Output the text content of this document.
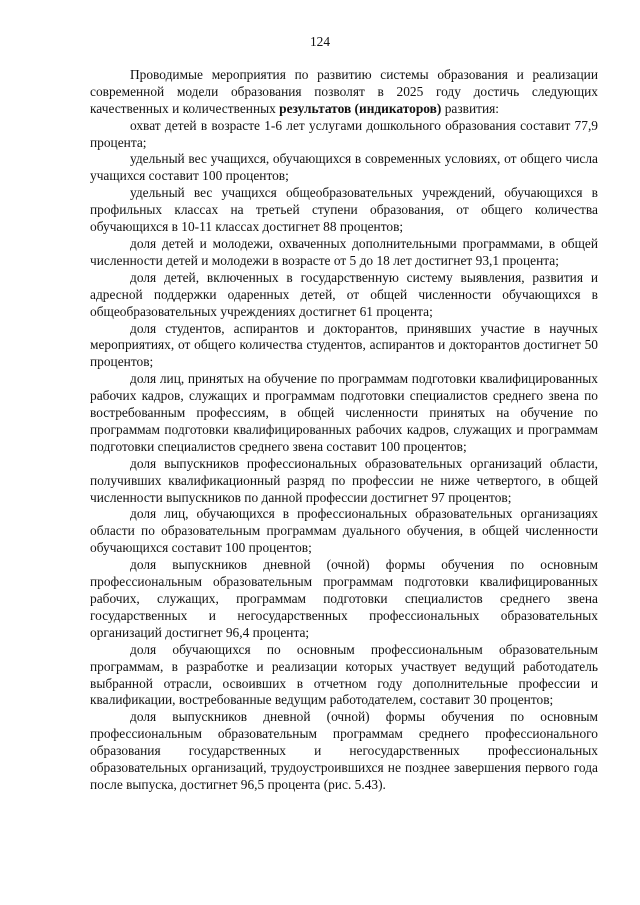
124

Проводимые мероприятия по развитию системы образования и реализации современной модели образования позволят в 2025 году достичь следующих качественных и количественных результатов (индикаторов) развития:

охват детей в возрасте 1-6 лет услугами дошкольного образования составит 77,9 процента;

удельный вес учащихся, обучающихся в современных условиях, от общего числа учащихся составит 100 процентов;

удельный вес учащихся общеобразовательных учреждений, обучающихся в профильных классах на третьей ступени образования, от общего количества обучающихся в 10-11 классах достигнет 88 процентов;

доля детей и молодежи, охваченных дополнительными программами, в общей численности детей и молодежи в возрасте от 5 до 18 лет достигнет 93,1 процента;

доля детей, включенных в государственную систему выявления, развития и адресной поддержки одаренных детей, от общей численности обучающихся в общеобразовательных учреждениях достигнет 61 процента;

доля студентов, аспирантов и докторантов, принявших участие в научных мероприятиях, от общего количества студентов, аспирантов и докторантов достигнет 50 процентов;

доля лиц, принятых на обучение по программам подготовки квалифицированных рабочих кадров, служащих и программам подготовки специалистов среднего звена по востребованным профессиям, в общей численности принятых на обучение по программам подготовки квалифицированных рабочих кадров, служащих и программам подготовки специалистов среднего звена составит 100 процентов;

доля выпускников профессиональных образовательных организаций области, получивших квалификационный разряд по профессии не ниже четвертого, в общей численности выпускников по данной профессии достигнет 97 процентов;

доля лиц, обучающихся в профессиональных образовательных организациях области по образовательным программам дуального обучения, в общей численности обучающихся составит 100 процентов;

доля выпускников дневной (очной) формы обучения по основным профессиональным образовательным программам подготовки квалифицированных рабочих, служащих, программам подготовки специалистов среднего звена государственных и негосударственных профессиональных образовательных организаций достигнет 96,4 процента;

доля обучающихся по основным профессиональным образовательным программам, в разработке и реализации которых участвует ведущий работодатель выбранной отрасли, освоивших в отчетном году дополнительные профессии и квалификации, востребованные ведущим работодателем, составит 30 процентов;

доля выпускников дневной (очной) формы обучения по основным профессиональным образовательным программам среднего профессионального образования государственных и негосударственных профессиональных образовательных организаций, трудоустроившихся не позднее завершения первого года после выпуска, достигнет 96,5 процента (рис. 5.43).
